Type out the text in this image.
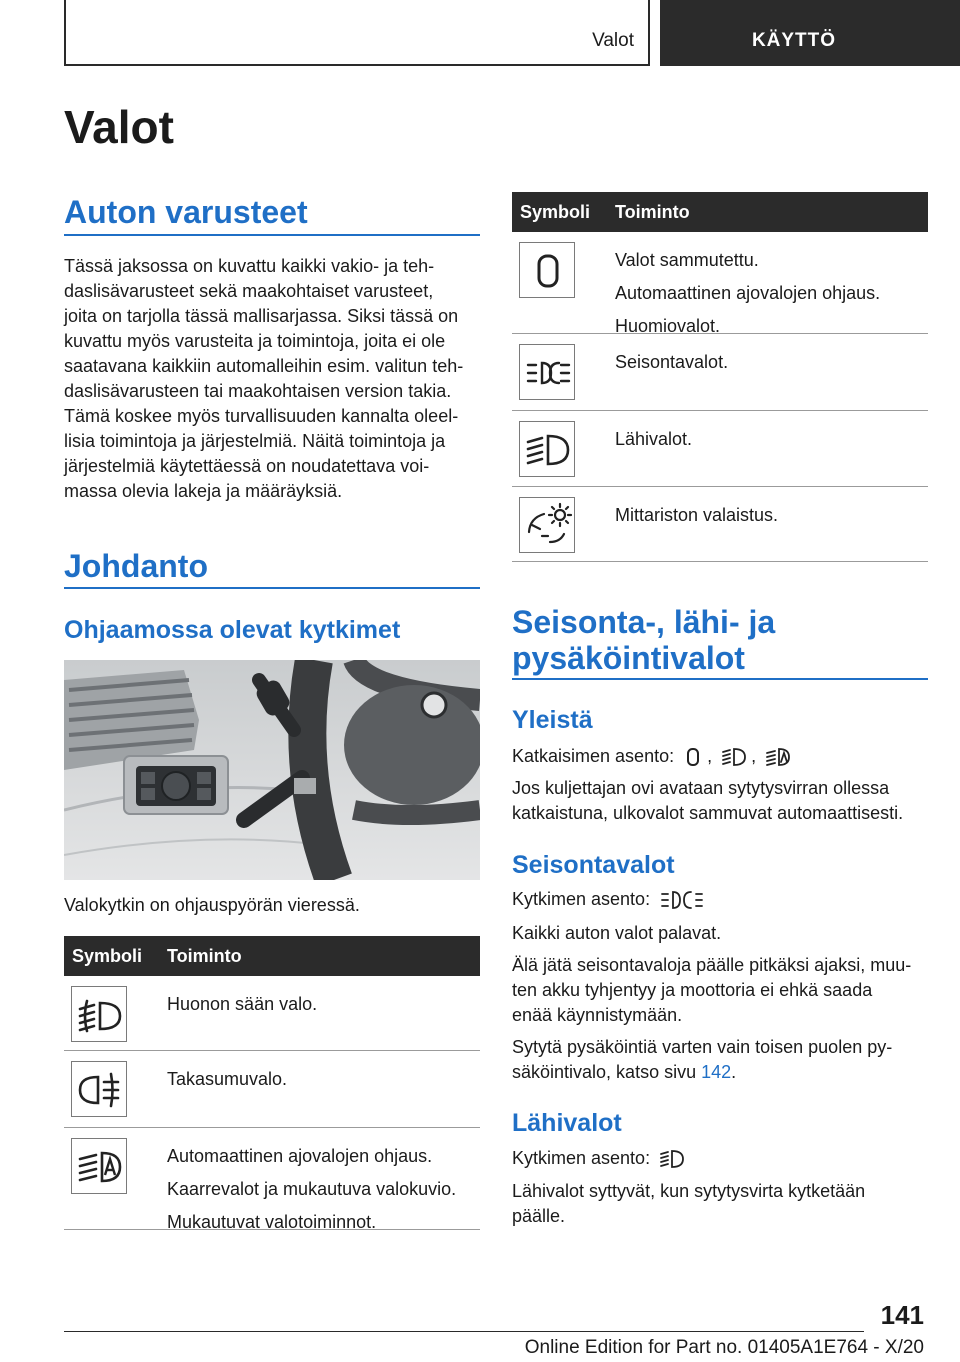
Valot	KÄYTTÖ
Valot
Auton varusteet
Tässä jaksossa on kuvattu kaikki vakio- ja teh-
daslisävarusteet sekä maakohtaiset varusteet,
joita on tarjolla tässä mallisarjassa. Siksi tässä on
kuvattu myös varusteita ja toimintoja, joita ei ole
saatavana kaikkiin automalleihin esim. valitun teh-
daslisävarusteen tai maakohtaisen version takia.
Tämä koskee myös turvallisuuden kannalta oleel-
lisia toimintoja ja järjestelmiä. Näitä toimintoja ja
järjestelmiä käytettäessä on noudatettava voi-
massa olevia lakeja ja määräyksiä.
Johdanto
Ohjaamossa olevat kytkimet
Valokytkin on ohjauspyörän vieressä.
Symboli Toiminto
Huonon sään valo.
Takasumuvalo.
Automaattinen ajovalojen ohjaus.
Kaarrevalot ja mukautuva valokuvio.
Mukautuvat valotoiminnot.
Symboli Toiminto
Valot sammutettu.
Automaattinen ajovalojen ohjaus.
Huomiovalot.
Seisontavalot.
Lähivalot.
Mittariston valaistus.
Seisonta-, lähi- ja
pysäköintivalot
Yleistä
Katkaisimen asento: , ,
Jos kuljettajan ovi avataan sytytysvirran ollessa
katkaistuna, ulkovalot sammuvat automaattisesti.
Seisontavalot
Kytkimen asento:
Kaikki auton valot palavat.
Älä jätä seisontavaloja päälle pitkäksi ajaksi, muu-
ten akku tyhjentyy ja moottoria ei ehkä saada
enää käynnistymään.
Sytytä pysäköintiä varten vain toisen puolen py-
säköintivalo, katso sivu 142.
Lähivalot
Kytkimen asento:
Lähivalot syttyvät, kun sytytysvirta kytketään
päälle.
141
Online Edition for Part no. 01405A1E764 - X/20
